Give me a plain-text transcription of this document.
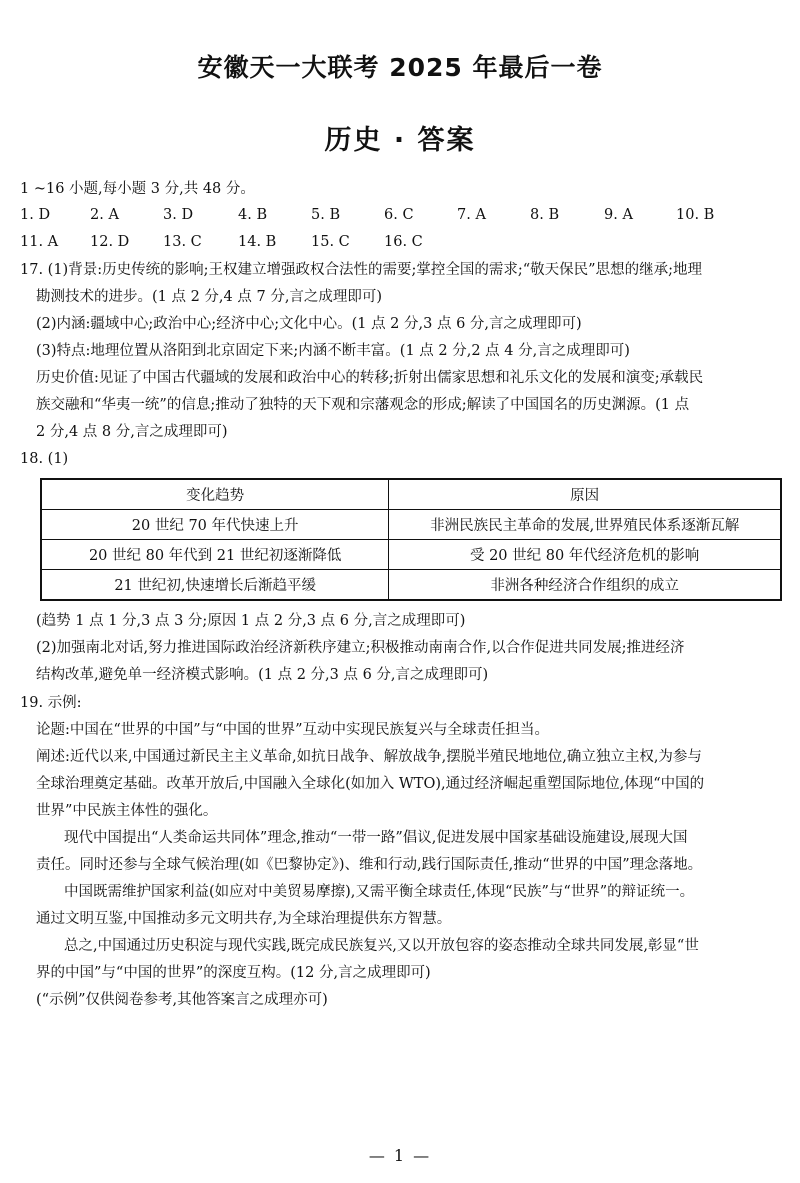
安徽天一大联考 2025 年最后一卷
历史 · 答案
1 ~16 小题,每小题 3 分,共 48 分。
1. D	2. A	3. D	4. B	5. B	6. C	7. A	8. B	9. A	10. B
11. A 12. D 13. C 14. B 15. C 16. C
17. (1)背景:历史传统的影响;王权建立增强政权合法性的需要;掌控全国的需求;“敬天保民”思想的继承;地理
勘测技术的进步。(1 点 2 分,4 点 7 分,言之成理即可)
(2)内涵:疆域中心;政治中心;经济中心;文化中心。(1 点 2 分,3 点 6 分,言之成理即可)
(3)特点:地理位置从洛阳到北京固定下来;内涵不断丰富。(1 点 2 分,2 点 4 分,言之成理即可)
历史价值:见证了中国古代疆域的发展和政治中心的转移;折射出儒家思想和礼乐文化的发展和演变;承载民
族交融和“华夷一统”的信息;推动了独特的天下观和宗藩观念的形成;解读了中国国名的历史渊源。(1 点
2 分,4 点 8 分,言之成理即可)
18. (1)
变化趋势	原因
20 世纪 70 年代快速上升	非洲民族民主革命的发展,世界殖民体系逐渐瓦解
20 世纪 80 年代到 21 世纪初逐渐降低	受 20 世纪 80 年代经济危机的影响
21 世纪初,快速增长后渐趋平缓	非洲各种经济合作组织的成立
(趋势 1 点 1 分,3 点 3 分;原因 1 点 2 分,3 点 6 分,言之成理即可)
(2)加强南北对话,努力推进国际政治经济新秩序建立;积极推动南南合作,以合作促进共同发展;推进经济
结构改革,避免单一经济模式影响。(1 点 2 分,3 点 6 分,言之成理即可)
19. 示例:
论题:中国在“世界的中国”与“中国的世界”互动中实现民族复兴与全球责任担当。
阐述:近代以来,中国通过新民主主义革命,如抗日战争、解放战争,摆脱半殖民地地位,确立独立主权,为参与
全球治理奠定基础。改革开放后,中国融入全球化(如加入 WTO),通过经济崛起重塑国际地位,体现“中国的
世界”中民族主体性的强化。
现代中国提出“人类命运共同体”理念,推动“一带一路”倡议,促进发展中国家基础设施建设,展现大国
责任。同时还参与全球气候治理(如《巴黎协定》)、维和行动,践行国际责任,推动“世界的中国”理念落地。
中国既需维护国家利益(如应对中美贸易摩擦),又需平衡全球责任,体现“民族”与“世界”的辩证统一。
通过文明互鉴,中国推动多元文明共存,为全球治理提供东方智慧。
总之,中国通过历史积淀与现代实践,既完成民族复兴,又以开放包容的姿态推动全球共同发展,彰显“世
界的中国”与“中国的世界”的深度互构。(12 分,言之成理即可)
(“示例”仅供阅卷参考,其他答案言之成理亦可)
— 1 —
